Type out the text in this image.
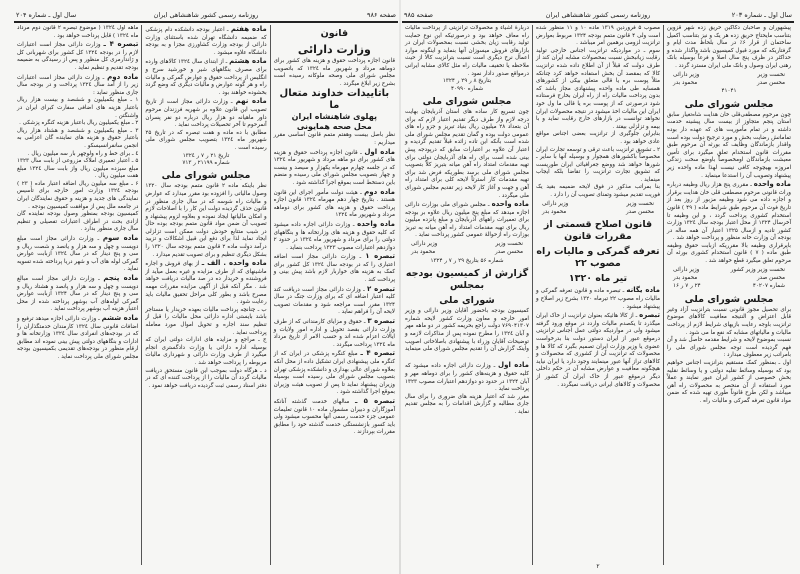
سال اول ـ شماره ۲۰۴	روزنامه رسمی کشور شاهنشاهی ایران	صفحه ۹۸۶
قانون
وزارت دارائی
قانون اجازه پرداخت حقوق و هزینه های کشور برای دوماهه مرداد و شهریور ماه ۱۳۲٤ که باتصویب مجلس شورای ملی وصحه ملوکانه رسیده است بشرح زیر ابلاغ میگردد .
باتاییدات خداوند متعال
ما
پهلوی شاهنشاه ایران
محل صحه همایونی
نظر باصل بیست وهفتم متمم قانون اساسی مقرر میداریم :
ماده اول ـ قانون اجازه پرداخت حقوق و هزینه های کشور برای دو ماهه مرداد و شهریور ماه ۱۳۲٤ که در جلسه چهارم مهرماه یکهزار و سیصد و بیست و چهار بتصویب مجلس شورای ملی رسیده و منضم باین دستخط است بموقع اجرا گذاشته شود .
ماده دوم ـ هیئت دولت مأمور اجرای این قانون هستند . بتاریخ چهار دهم مهرماه ۱۳۲٤ قانون اجازه پرداخت حقوق و هزینه های کشور برای دوماهه مرداد و شهریور ماه ۱۳۲٤
ماده واحده ـ وزارت دارائی اجازه داده میشود که کلیه حقوق و هزینه های وزارتخانه ها و بنگاههای دولتی را برای مرداد و شهریور ماه ۱۳۲٤ در حدود ۲ دوازدهم اعتبارات مصوب ۱۳۲۳ پرداخت بنماید .
تبصره ۱ ـ وزارت دارائی مجاز است اضافه اعتباری را که در بودجه سال ۱۳۲٤ کل کشور برای کمک به هزینه های خواربار لازم باشد پیش بینی و پرداخت کند .
تبصره ۲ ـ وزارت دارائی مجاز است دریافت کند کلیه اعتبار اضافه ای که برای وزارت جنگ در سال ۱۳۲۴ مقرر است مراجعه شود و مقدمات تصویب لایحه آن را فراهم نماید .
تبصره ۳ ـ حقوق و مزایای کارمندانی که از طرف وزارت دارائی بقصد تحویل و اداره امور ولایات و ایالات اعزام شده اند و حسب الامر از تاریخ مرداد ماه ۱۳۲٤ پرداخت میگردد .
تبصره ۴ ـ مبلغ کنگره پزشکی در ایران که از کنگره ملی پیشنهادی ایران تشکیل داده از محل آنکه بعلاوه شورای عالی بهداری و دانشکده پزشکی تهران بتصویب مجلس شورای ملی رسیده است بوسیله وزیران پیشنهاد نماید تا پس از تصویب هیئت وزیران بموقع اجرا گذاشته شود .
تبصره ۵ ـ سالهای خدمت گذشته آنانکه آموزگاران و دبیران مشمول ماده ۱۰ قانون تعلیمات عمومی جزء خدمت رسمی آنها محسوب میشود ولی باید کسور بازنشستگی خدمت گذشته خود را مطابق مقررات بپردازند .
ماده هفتم ـ اعتبار بودجه دانشکده دام پزشکی که ضمیمه دانشگاه تهران شده باستثنای وزارت دارائی از بودجه وزارت کشاورزی مجزا و به بودجه دانشگاه علاوه میشود .
ماده هشتم ـ از ابتدای سال ۱۳۲٤ کالاهای وارده برای مصرف بنگاههای شیر و خورشید سرخ و انگلیس از پرداخت حقوق و عوارض گمرکی و مالیات راه و هر گونه عوارض و مالیات دیگری که وضع گردد بخشوده خواهند بود .
ماده نهم ـ وزارت دارائی مجاز است از تاریخ تصویب این قانون علاوه بر شهریه فرزندان مرحوم داور ماهیانه دو هزار ریال درباره دو نفر پسران آنمرحوم تا آخر تحصیلات پرداخت نماید .
مطابق با ده ماده و هفت تبصره که در تاریخ ۲۵ شهریور ماه ۱۳۲٤ بتصویب مجلس شورای ملی رسیده است .
تاریخ ۲۱ ر ۷ ر ۱۳۲٤
شماره ۲۱۱۹۹ ر ۷۱۳
مجلس شورای ملی
نظر باینکه ماده ۲ قانون متمم بودجه سال ۱۳۲۰ وصول مالیاتی را افزوده بود مقرر میدارد که عوارض و مالیات راه شوسه که در سال جاری منظور در قانون حذف گردیده دولت این کار را با اصلاحات لازم و امکان مالیاتها ایجاد نموده و بعلاوه لزوم پیشنهاد و تصویب آن ضمن مواد قانون متمم بودجه بوده حال در شیب متتابع خودش دولت ممکن است تزلزلی ایجاد نماید لذا برای دفع این قبیل اشکالات و تزیید درآمد دولت ماده ۲ قانون متمم بودجه سال ۱۳۲۰ را بشکل دیگری تنظیم و برای تصویب تقدیم میدارد .
ماده واحده . الف ـ از بهای فروش و اجاره ماشینهای که از طرف مزایده و غیره بعمل میآید از فروشنده و خریدار ده در صد مالیات دریافت خواهد شد . مگر آنکه قبل از آگهی مزایده مقررات مهمه مصرح باشد و بطور کلی مراحل تحقیق مالیات باید رعایت شود .
ب ـ چنانچه پرداخت مالیات بعهده خریدار یا مستاجر باشد بایستی اداره دارائی محل مالیات را قبل از تنظیم سند اجاره و تحویل اموال مورد معامله پرداخت نماید .
ج ـ مراجع و مزایده های ادارات دولتی ایران که بوسیله اداره دارائی یا وزارت دادگستری انجام میگیرد از طرف وزارت دارائی و شهرداری مالیات مربوطه را پرداخت خواهد شد .
د ـ هرگاه دولت بموجب این قانون مستحق دریافت مالیات گردد آن مالیات را از پرداخت کننده ای که در دفتر اسناد رسمی ثبت گردیده دریافت خواهد نمود .
ماهه اول ۱۳۲٤ ( موضوع تبصره ۲ قانون دوم مرداد ماه ۱۳۲٤ ) قابل پرداخت خواهد بود .
تبصره ۴ ـ وزارت دارائی مجاز است اعتبارات لازم را در بودجه ۱۳۲٤ کل کشور برای شهربانی کل و ژاندارمری کل منظور و پس از رسیدگی به ضمیمه بودجه تقدیم و تنظیم نماید .
ماده دوم ـ وزارت دارائی مجاز است اعتبارات زیر را از آمد سال ۱۳۲٤ پرداخت و در بودجه سال جاری منظور نماید :
۱ ـ مبلغ یکمیلیون و ششصد و بیست هزار ریال باعتبار هزینه های اضافی سفارت کبرای ایران در واشنگتن .
۲ ـ مبلغ یکمیلیون ریال باعتبار هزینه کنگره پزشکی .
۳ ـ مبلغ یکمیلیون و ششصد و هشتاد هزار ریال باعتبار حقوق و هزینه های نماینده گان اعزامی به انجمن سانفرانسیسکو .
٤ ـ برای خط و راه ولوچهر بار سه میلیون ریال .
۵ ـ اعتبار تعمیری املاک مزروعی از بابت سال ۱۳۲۳ مبلغ سیزده میلیون ریال واز بابت سال ۱۳۲٤ مبلغ هفت میلیون ریال .
۶ ـ مبلغ سه میلیون ریال اضافه اعتبار ماده ( ۲۳ ) بودجه ۱۳۲٤ وزارت امور خارجه برای تأسیس نمایندگی های جدید و هزینه و حقوق نمایندگان ایران در جامعه ملل پس از موافقت کمیسیون بودجه .
کمیسیون بودجه بمنظور وصول بودجه نماینده گان ازادی بحث در اطراف اعتبارات تفصیلی و تنظیم سال جاری منظور بدارد .
ماده سوم ـ وزارت دارائی مجاز است مبلغ دویست و چهل و سه هزار و یانصد و شصت ریال و سی و پنج دینار که در سال ۱۳۲٤ ازبابت عوارض گمرکی لوله های آب و شهر دریا پرداخته شده تسویه نماید .
ماده پنجم ـ وزارت دارائی مجاز است مبالغ دویست و چهل و سه هزار و پانصد و هشتاد ریال و سی و پنج دینار که در سال ۱۳۲۴ ازبابت عوارض گمرکی لوله‌های آب بوشهر پرداخته شده از محل اعتبار هزینه آب بوشهر پرداخت نماید .
ماده ششم ـ وزارت دارائی اجازه میدهد ترفیع و اضافات قانونی سال ۱۳۲٤ کارمندان خدمتگذاران را که در بودجه‌های انفرادی سال ۱۳۲٤ وزارتخانه ها و ادارات و بنگاههای دولتی پیش بینی نموده اند مطابق ارقام منظور در بودجه‌های تقدیمی بکمیسیون بودجه مجلس شورای ملی پرداخت نماید .
سال اول ـ شماره ۲۰۳
روزنامه رسمی کشور شاهنشاهی ایران
صفحه ۹۸۵
پیشهوران و صاحبان دکاکین حریق زده شهر قزوین بتناسب مایحتاج حریق زده هر یک و نیز بتناسب اکمیل ساختمان از قرار ۶٪ در سال بلحاظ مدت ایام و گرفتاریکه که مورد قبول کمیسیون باشد واگذار شده و حداکثر در ظرف پنج سال اصلا و فرعاً بوسیله بانک رهنی ایران وصول و بانک ملی ایران مسترد گردد .
نخست وزیر
وزیر دارائی
محسن صدر
محمود بدر
۴۱۰۴۱
مجلس شورای ملی
چون مرحوم مصطفی‌قلی خان هدایت شاه‌تغیار سابق استان پنجم متجاوز از بیست سال پیشینه خدمت داشته و در تمام مأموریت های که عهده دار بوده تمامانش رضایت بخش و مورد ترجیح دولت بوده است واقدار بازماندگان وظایف که بورثه آن مرحوم طبق مقررات قانون استخدام تعلق میگیرد برای تأمین معیشت بازماندگان اومخصوصاً باوضع سخت زندگی امروزه بهیچوجه کافی نیست لهذا ماده واحده زیر پیشنهاد وتصویب آن را استدعا مینماید .
ماده واحده ـ مقرری پنج هزار ریال وظیفه درباره وراث قانونی مرحوم مصطفی قلی خان هدایت برقرار و اجازه داده می شود وظیفه مزبور از روز بعد از تاریخ فوت آن مرحوم طبق شرایط ماده ( ۴۹ ) قانون استخدام کشوری پرداخت گردد ، و این وظیفه تا آخرسال ۱۳۲۴ از محل اعتبار بودجه سال ۱۳۲٤ وزارت کشور تادیه و ازسال ۱۳۲۵ اعتبار آن همه ساله در بودجه آن وزارت خانه منظور و پرداخت خواهد شد .
باپرقراری وظیفه بالا مقرریکه ازبابت حقوق وظیفه طبق ماده ( ۷ ) قانون استخدام کشوری بورثه آن مرحوم تعلق میگیرد قطع خواهد شد .
نخست وزیر وزیر کشور
وزیر دارائی
محسن صدر
محمود بدر
شماره ۴۰۲۰۷
۲۴ ر ۷ ر ۱۶
مجلس شورای ملی
برای تحصیل مجوز قانونی نسبت بترانزیت آزاد وغیر قابل اعتراض و النتیجه معافیت کالاهای موضوع ترانزیت باوجه رعایت بازیهای شرایط لازم از پرداخت مالیات و مالیاتهای مشابه که نفع ما می شود .
نسبت بموضوع لایحه و شرایط مقدمه حاصل شد و آن فهم گردیده است توجه مجلس شورای ملی را بامراتب زیر معطوف میدارد :
اول ـ بمنظور کمک مستقیم بترانزیت اجناس خواهیم بود که بوسیله وسائط نقلیه دولتی و یا وسائط نقلیه بخش خصوصی از کشور ایران عبور نمایند و عملاً مورد استفاده از آن منحصر به محصولات راه آهن میباشد و لکن طرح قانوناً طوری تهیه شده که ضمن مواد قانون تعرفه گمرکی و مالیات راه .
مصوب ۵ فروردین ۱۳۱۹ ماده ۱۰ و ۱۱ منظور شده است ولی ۴ قانون متمم بودجه ۱۳۲۴ مربوط بعوارض ترانزیت لزومی برهمین امر میباشد .
سوم ـ در مواردیکه ترانزیت اجناس خارجی تولید رقابت زیانبخش نسبت بمحصولات مشابه ایران کند از طرف دولت که قبلاً از آن اطلاع داده شده ترانزیت کالا که بمقصد آن بخش استفاده خواهد کرد چنانکه مثلاً پوست بره یا قالی متعلق بیکی از کشورهای همسایه طی ماده واحده پیشنهادی مجاز باشد که بدون پرداخت مالیات راه از راه ایران بخارج فرستاده شود درصورتی که از پوست بره یا قالی ما ول خود ایران این مالیات اخذ میشود در نتیجه محصولات ایران نخواهد توانست در بازارهای خارج رقابت نماید و با بیمه و تزلزلی بیفتد .
بنابراین جلوگیری از ترانزیت بعضی اجناس مواقع عادی خواهد بود .
۲ ـ تشویق ترانزیت باعث ترقی و توسعه تجارت ایران مخصوصاً باکشورهای همجوار و بوسیله آنها با سایر ـ شورها خواهد شد ووضع جغرافیائی ایران طوریست که تشویق تجارت ترانزیت را تقاضا بلکه ایجاب مینماید .
بنا بمراتب مذکور در فوق لایحه ضمیمه بقید یک فوریت تقدیم میشود وتمنای تصویب آن را دارد .
نخست وزیر
وزیر دارائی
محسن صدر
محمود بدر
قانون اصلاح قسمتی از مقررات قانون
تعرفه گمرکی و مالیات راه مصوب ۲۲
تیر ماه ۱۳۲۰
ماده یگانه ـ تبصره ماده و قانون تعرفه گمرکی و مالیات راه مصوب ۲۲ تیرماه ۱۳۲۰ بشرح زیر اصلاح و پیشنهاد میشود .
تبصره ـ از کالا هائیکه بعنوان ترانزیت از خاک ایران میگذرد تا یکصدم مالیات واردد در موقع ورود گرفته میشود ولی در مواردیکه دولتی عمل اجناس ترانزیتی درموقع عبور از ایران دستور دولت بنا بدرخواست عضوی یا وزیر وزارت ایران تصمیم بگیرد که کالا ها و محصولات که ترانزیت آن از کشوری که محصولات و کالاهای تراز آنها عبور مینمایند وجود دارد یا ایران نیاید هیچگونه معافیت و عوارض مشابه آن در حکم داخلی دیگر درموقع عبور از خاک ایران آن کشور از محصولات و کالاهای ایرانی دریافت نمیگردد .
دربارهٔ اشیاء و محصولات ترانزیتی از پرداخت مالیات راه معاف خواهد بود و درصورتیکه این نوع حمایت تولید رقابت زیان بخشی نسبت بمحصولات ایران در بازارهای فروش میسوزان آنها بنماید و اینگونه موارد اعمال نرخ دیگری است نسبت بترانزیت کالا از حیث ملاحظه یا تخفیف مالیات راه مثل کالای مشابه ایرانی درمواقع صدور دادار نمود .
بتاریخ ۸ ر ۲۹ ر ۱۳۲۴
شماره ۴۰۹۹۰
مجلس شورای ملی
چون تسریع کار ساده های استان آذربایجان بهایت درجه لازم واز طرف دیگر تقدیم اعتبار لازم که برای آن بتعداد ۲۸ میلیون ریال بنیاد تبریز و جزو راه های عمومی دولت بوده و گمان تقدیم مجلس شورای ملی شده است بآنکه این تاده زائده قبلاً تقدیم گردیده و اعتبار آن علاوه بر اعتبارات سابق که درپودجه پیش بینی شده است برای راه های آذربایجان دولتی برای تهیه مقدمات امتداد راه آهن میانه بتبریز کلاً بتصویب مجلس شورای ملی برسد بطوریکه فرض شد برای تهیه مقدمات کار استرثاً لایحه کلی برای امتداد راه آهن و جهت و آغاز کار لایحه زیر تقدیم مجلس شورای ملی میگردد .
ماده واحده ـ مجلس شورای ملی بوزارت دارائی اجازه میدهد که مبلغ پنج میلیون ریال علاوه بر بودجه برای تعمیرات راههای آذربایجان و مبلغ پانزده میلیون ریال برای تهیه مقدمات امتداد راه آهن میانه به تبریز بوزارت راه ازحوالهٔ عمومی کشور پرداخت نماید .
نخست وزیر
وزیر دارائی
محسن صدر
محمود بدر
شماره ۵۶ بتاریخ ۲۹ ر ۷ ر ۱۳۲۴
گزارش از کمیسیون بودجه بمجلس
شورای ملی
کمیسیون بودجه باحضور آقایان وزیر دارائی و وزیر امور خارجه و معاون وزارت کشور لایحه شماره ۷۶۹۰۴۱۳۰۷ دولت راجع بحریمه کشور در دو ماهه مهر و آبان ۱۳۲٤ را مطرح نموده پس از مذاکرات لازمه و توضیحات آقایان وزراء با پیشنهادی باصلاحاتی اصویب واینک گزارش آن را تقدیم مجلس شورای ملی مینماید .
ماده اول ـ وزارت دارائی اجازه داده میشود که کلیه حقوق و هزینه‌های کشور را برای دوماهه مهر و آبان ۱۳۲۴ در حدود دو دوازدهم اعتبارات مصوب ۱۳۲۳ پرداخت نماید .
مقرر شد که اعتبار هزینه های ضروری را برای سال جاری مطالبه و گزارش اقدامات را به مجلس تقدیم نماید .
۲
